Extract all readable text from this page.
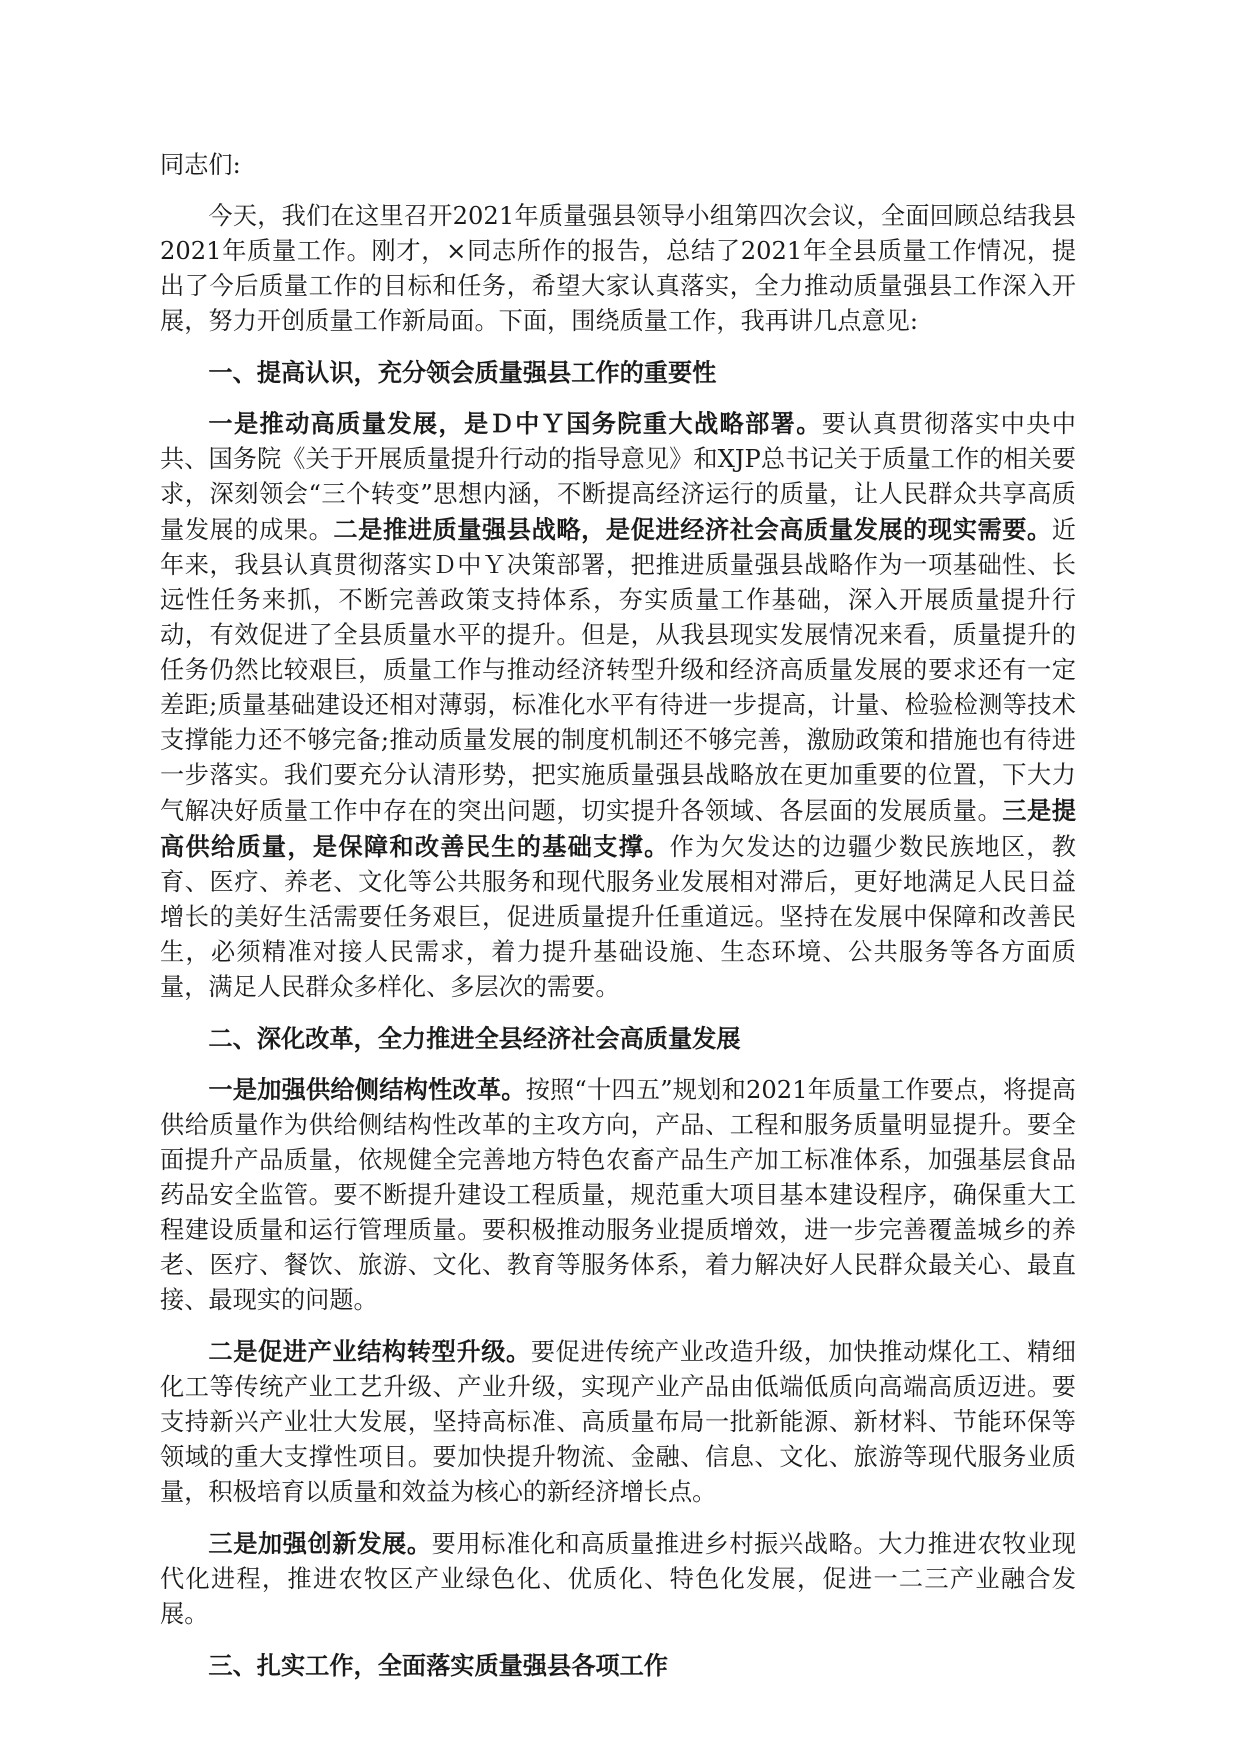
同志们:

今天，我们在这里召开2021年质量强县领导小组第四次会议，全面回顾总结我县2021年质量工作。刚才，×同志所作的报告，总结了2021年全县质量工作情况，提出了今后质量工作的目标和任务，希望大家认真落实，全力推动质量强县工作深入开展，努力开创质量工作新局面。下面，围绕质量工作，我再讲几点意见:

一、提高认识，充分领会质量强县工作的重要性

一是推动高质量发展，是Ｄ中Ｙ国务院重大战略部署。要认真贯彻落实中央中共、国务院《关于开展质量提升行动的指导意见》和XJP总书记关于质量工作的相关要求，深刻领会“三个转变”思想内涵，不断提高经济运行的质量，让人民群众共享高质量发展的成果。二是推进质量强县战略，是促进经济社会高质量发展的现实需要。近年来，我县认真贯彻落实Ｄ中Ｙ决策部署，把推进质量强县战略作为一项基础性、长远性任务来抓，不断完善政策支持体系，夯实质量工作基础，深入开展质量提升行动，有效促进了全县质量水平的提升。但是，从我县现实发展情况来看，质量提升的任务仍然比较艰巨，质量工作与推动经济转型升级和经济高质量发展的要求还有一定差距;质量基础建设还相对薄弱，标准化水平有待进一步提高，计量、检验检测等技术支撑能力还不够完备;推动质量发展的制度机制还不够完善，激励政策和措施也有待进一步落实。我们要充分认清形势，把实施质量强县战略放在更加重要的位置，下大力气解决好质量工作中存在的突出问题，切实提升各领域、各层面的发展质量。三是提高供给质量，是保障和改善民生的基础支撑。作为欠发达的边疆少数民族地区，教育、医疗、养老、文化等公共服务和现代服务业发展相对滞后，更好地满足人民日益增长的美好生活需要任务艰巨，促进质量提升任重道远。坚持在发展中保障和改善民生，必须精准对接人民需求，着力提升基础设施、生态环境、公共服务等各方面质量，满足人民群众多样化、多层次的需要。

二、深化改革，全力推进全县经济社会高质量发展

一是加强供给侧结构性改革。按照“十四五”规划和2021年质量工作要点，将提高供给质量作为供给侧结构性改革的主攻方向，产品、工程和服务质量明显提升。要全面提升产品质量，依规健全完善地方特色农畜产品生产加工标准体系，加强基层食品药品安全监管。要不断提升建设工程质量，规范重大项目基本建设程序，确保重大工程建设质量和运行管理质量。要积极推动服务业提质增效，进一步完善覆盖城乡的养老、医疗、餐饮、旅游、文化、教育等服务体系，着力解决好人民群众最关心、最直接、最现实的问题。

二是促进产业结构转型升级。要促进传统产业改造升级，加快推动煤化工、精细化工等传统产业工艺升级、产业升级，实现产业产品由低端低质向高端高质迈进。要支持新兴产业壮大发展，坚持高标准、高质量布局一批新能源、新材料、节能环保等领域的重大支撑性项目。要加快提升物流、金融、信息、文化、旅游等现代服务业质量，积极培育以质量和效益为核心的新经济增长点。

三是加强创新发展。要用标准化和高质量推进乡村振兴战略。大力推进农牧业现代化进程，推进农牧区产业绿色化、优质化、特色化发展，促进一二三产业融合发展。

三、扎实工作，全面落实质量强县各项工作
